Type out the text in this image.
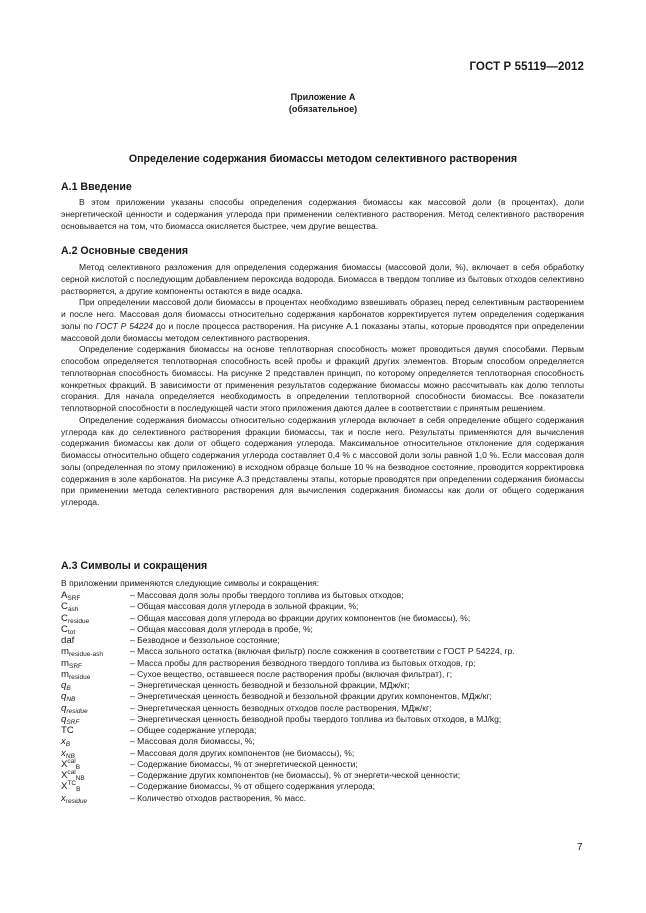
ГОСТ Р 55119—2012
Приложение А
(обязательное)
Определение содержания биомассы методом селективного растворения
А.1 Введение

В этом приложении указаны способы определения содержания биомассы как массовой доли (в процентах), доли энергетической ценности и содержания углерода при применении селективного растворения. Метод селективного растворения основывается на том, что биомасса окисляется быстрее, чем другие вещества.

А.2 Основные сведения

Метод селективного разложения для определения содержания биомассы (массовой доли, %), включает в себя обработку серной кислотой с последующим добавлением пероксида водорода. Биомасса в твердом топливе из бытовых отходов селективно растворяется, а другие компоненты остаются в виде осадка.

При определении массовой доли биомассы в процентах необходимо взвешивать образец перед селективным растворением и после него. Массовая доля биомассы относительно содержания карбонатов корректируется путем определения содержания золы по ГОСТ Р 54224 до и после процесса растворения. На рисунке А.1 показаны этапы, которые проводятся при определении массовой доли биомассы методом селективного растворения.

Определение содержания биомассы на основе теплотворная способность может проводиться двумя способами. Первым способом определяется теплотворная способность всей пробы и фракций других элементов. Вторым способом определяется теплотворная способность биомассы. На рисунке 2 представлен принцип, по которому определяется теплотворная способность конкретных фракций. В зависимости от применения результатов содержание биомассы можно рассчитывать как долю теплоты сгорания. Для начала определяется необходимость в определении теплотворной способности биомассы. Все показатели теплотворной способности в последующей части этого приложения даются далее в соответствии с принятым решением.

Определение содержания биомассы относительно содержания углерода включает в себя определение общего содержания углерода как до селективного растворения фракции биомассы, так и после него. Результаты применяются для вычисления содержания биомассы как доли от общего содержания углерода. Максимальное относительное отклонение для содержания биомассы относительно общего содержания углерода составляет 0,4 % с массовой доли золы равной 1,0 %. Если массовая доля золы (определенная по этому приложению) в исходном образце больше 10 % на безводное состояние, проводится корректировка содержания в золе карбонатов. На рисунке А.3 представлены этапы, которые проводятся при определении содержания биомассы при применении метода селективного растворения для вычисления содержания биомассы как доли от общего содержания углерода.

А.3 Символы и сокращения
В приложении применяются следующие символы и сокращения:
$A_{SRF}$	– Массовая доля золы пробы твердого топлива из бытовых отходов;
$C_{ash}$	– Общая массовая доля углерода в зольной фракции, %;
$C_{residue}$	– Общая массовая доля углерода во фракции других компонентов (не биомассы), %;
$C_{tot}$	– Общая массовая доля углерода в пробе, %;
daf	– Безводное и беззольное состояние;
$m_{residue-ash}$	– Масса зольного остатка (включая фильтр) после сожжения в соответствии с ГОСТ Р 54224, гр.
$m_{SRF}$	– Масса пробы для растворения безводного твердого топлива из бытовых отходов, гр;
$m_{residue}$	– Сухое вещество, оставшееся после растворения пробы (включая фильтрат), г;
$q_B$	– Энергетическая ценность безводной и беззольной фракции, МДж/кг;
$q_{NB}$	– Энергетическая ценность безводной и беззольной фракции других компонентов, МДж/кг;
$q_{residue}$	– Энергетическая ценность безводных отходов после растворения, МДж/кг;
$q_{SRF}$	– Энергетическая ценность безводной пробы твердого топлива из бытовых отходов, в MJ/kg;
TC	– Общее содержание углерода;
$x_B$	– Массовая доля биомассы, %;
$x_{NB}$	– Массовая доля других компонентов (не биомассы), %;
$X^{cal}_B$	– Содержание биомассы, % от энергетической ценности;
$X^{cal}_{NB}$	– Содержание других компонентов (не биомассы), % от энергети-ческой ценности;
$X^{TC}_B$	– Содержание биомассы, % от общего содержания углерода;
$x_{residue}$	– Количество отходов растворения, % масс.
7
